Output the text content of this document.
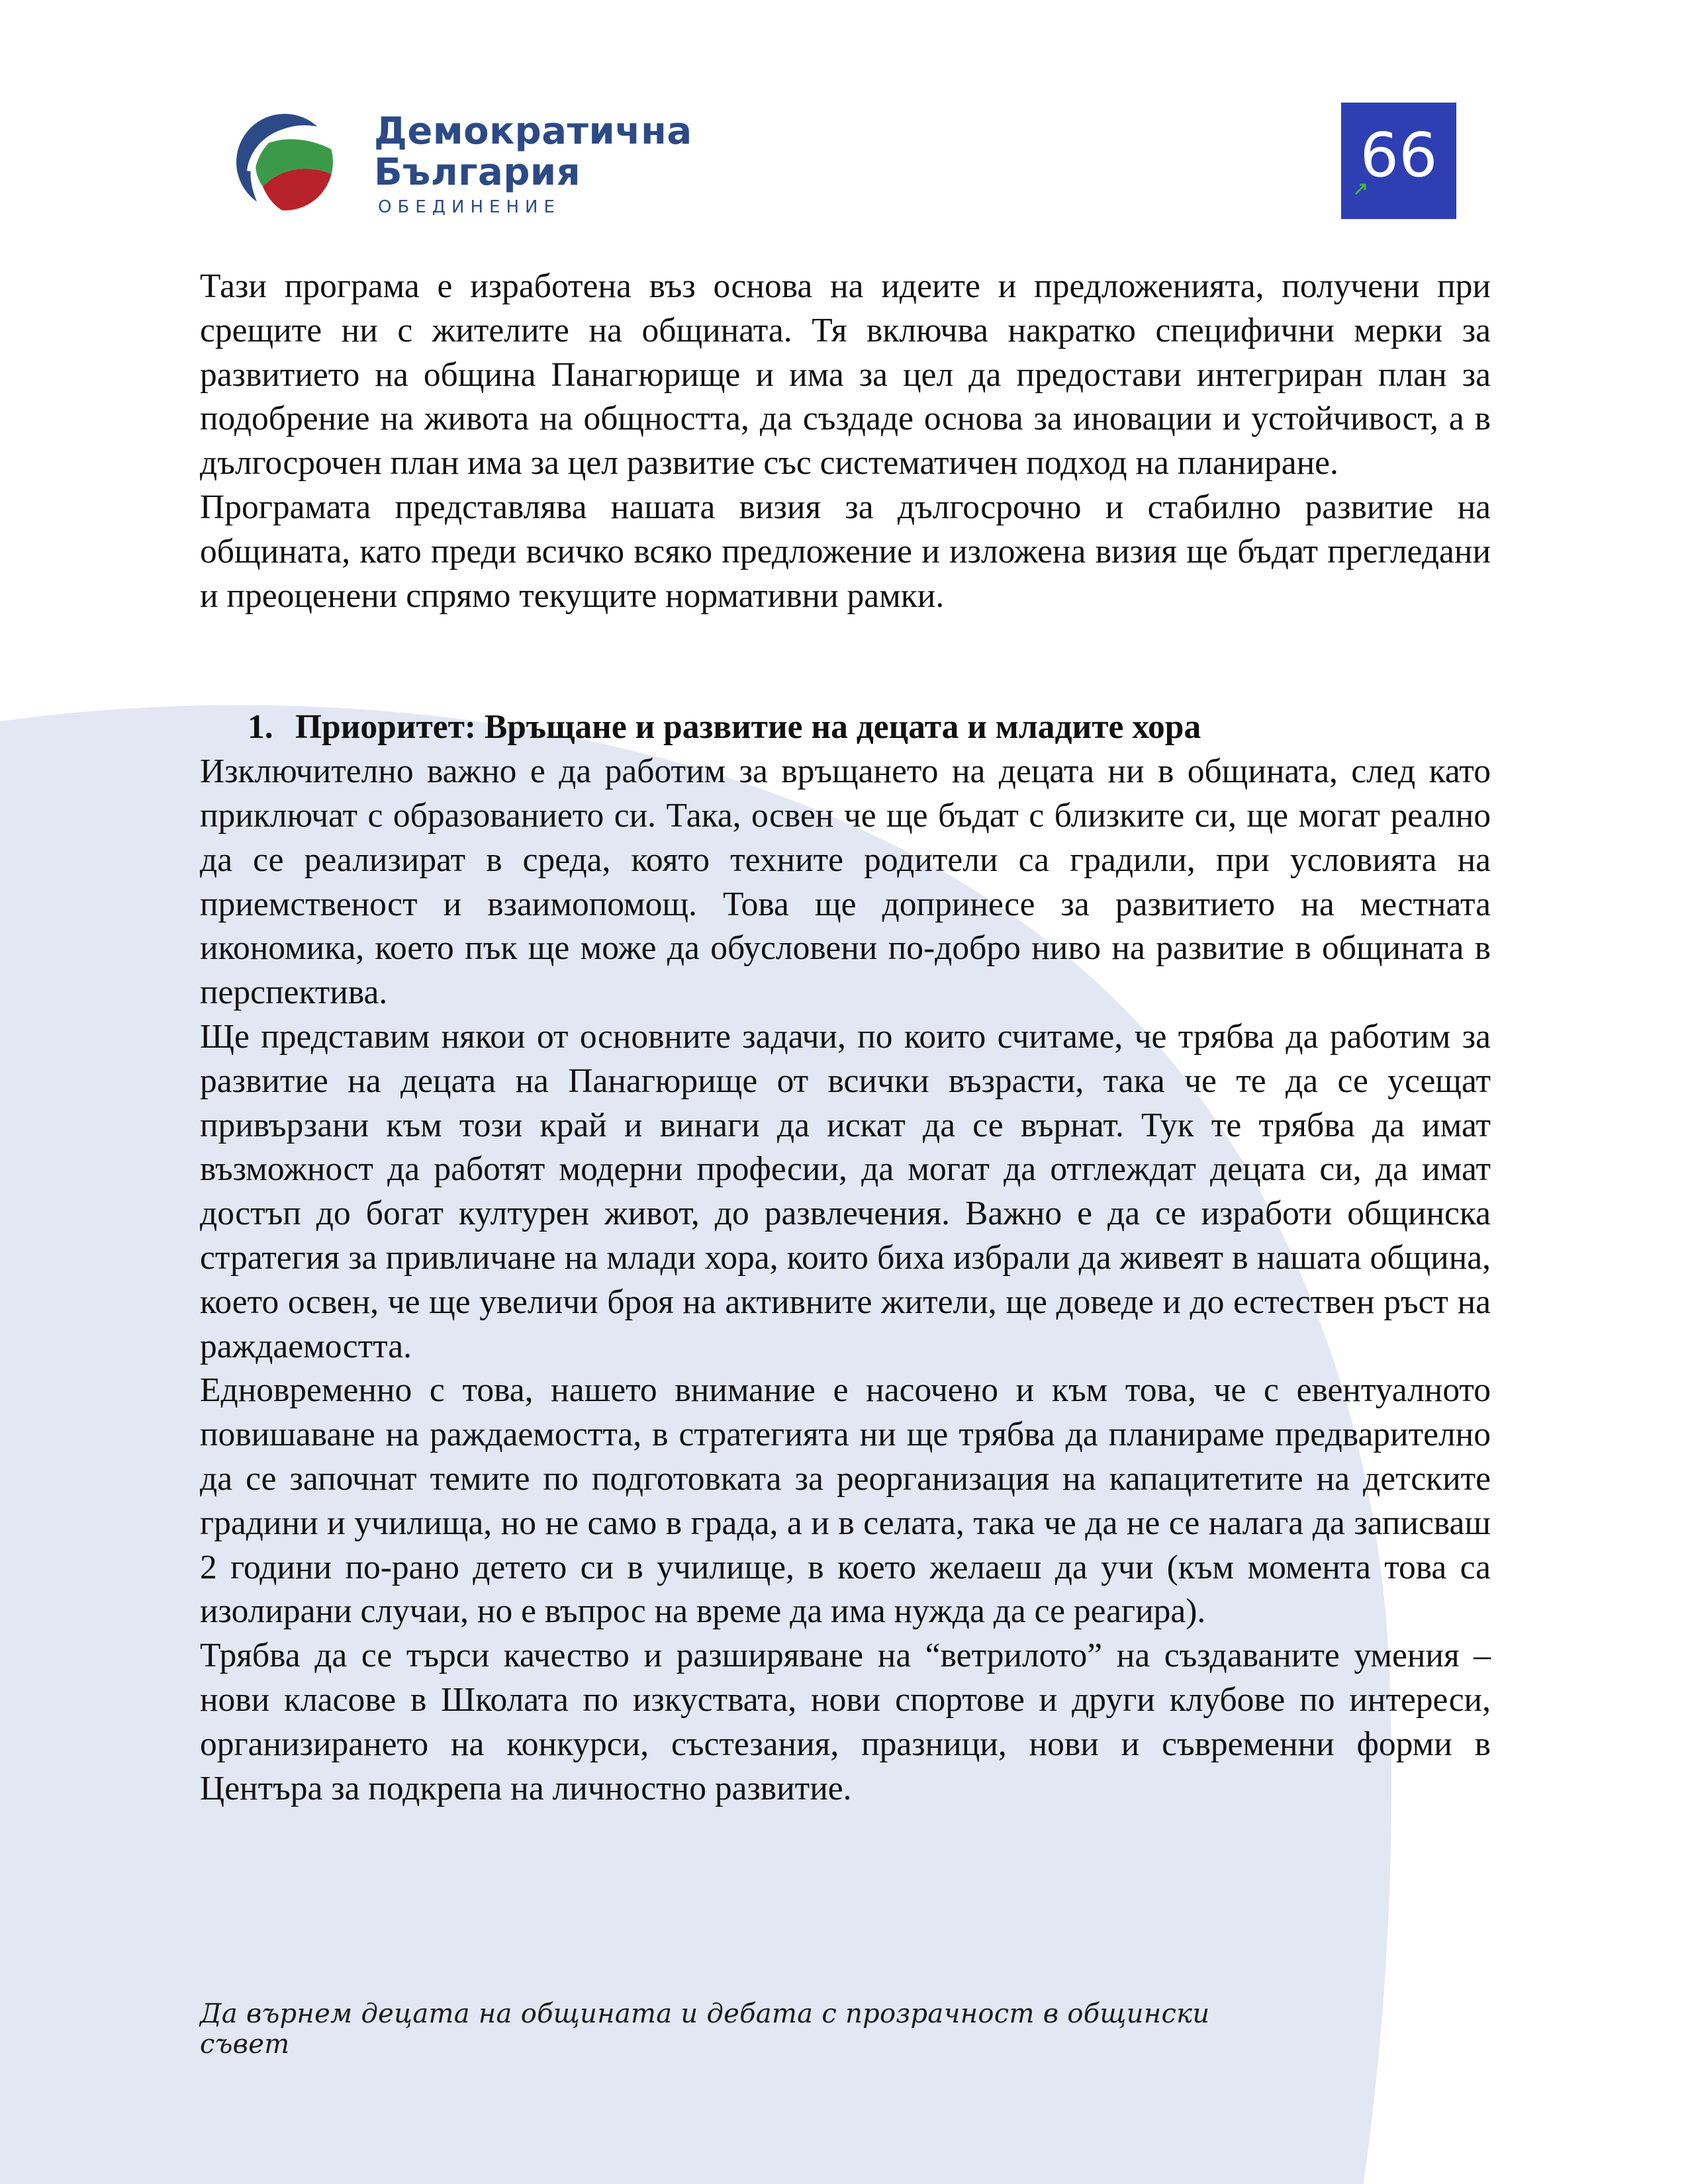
Демократична
България
ОБЕДИНЕНИЕ
66

Тази програма е изработена въз основа на идеите и предложенията, получени при срещите ни с жителите на общината. Тя включва накратко специфични мерки за развитието на община Панагюрище и има за цел да предостави интегриран план за подобрение на живота на общността, да създаде основа за иновации и устойчивост, а в дългосрочен план има за цел развитие със систематичен подход на планиране.

Програмата представлява нашата визия за дългосрочно и стабилно развитие на общината, като преди всичко всяко предложение и изложена визия ще бъдат прегледани и преоценени спрямо текущите нормативни рамки.

1. Приоритет: Връщане и развитие на децата и младите хора

Изключително важно е да работим за връщането на децата ни в общината, след като приключат с образованието си. Така, освен че ще бъдат с близките си, ще могат реално да се реализират в среда, която техните родители са градили, при условията на приемственост и взаимопомощ. Това ще допринесе за развитието на местната икономика, което пък ще може да обусловени по-добро ниво на развитие в общината в перспектива.

Ще представим някои от основните задачи, по които считаме, че трябва да работим за развитие на децата на Панагюрище от всички възрасти, така че те да се усещат привързани към този край и винаги да искат да се върнат. Тук те трябва да имат възможност да работят модерни професии, да могат да отглеждат децата си, да имат достъп до богат културен живот, до развлечения. Важно е да се изработи общинска стратегия за привличане на млади хора, които биха избрали да живеят в нашата община, което освен, че ще увеличи броя на активните жители, ще доведе и до естествен ръст на раждаемостта.

Едновременно с това, нашето внимание е насочено и към това, че с евентуалното повишаване на раждаемостта, в стратегията ни ще трябва да планираме предварително да се започнат темите по подготовката за реорганизация на капацитетите на детските градини и училища, но не само в града, а и в селата, така че да не се налага да записваш 2 години по-рано детето си в училище, в което желаеш да учи (към момента това са изолирани случаи, но е въпрос на време да има нужда да се реагира).

Трябва да се търси качество и разширяване на “ветрилото” на създаваните умения – нови класове в Школата по изкуствата, нови спортове и други клубове по интереси, организирането на конкурси, състезания, празници, нови и съвременни форми в Центъра за подкрепа на личностно развитие.

Да върнем децата на общината и дебата с прозрачност в общински съвет
